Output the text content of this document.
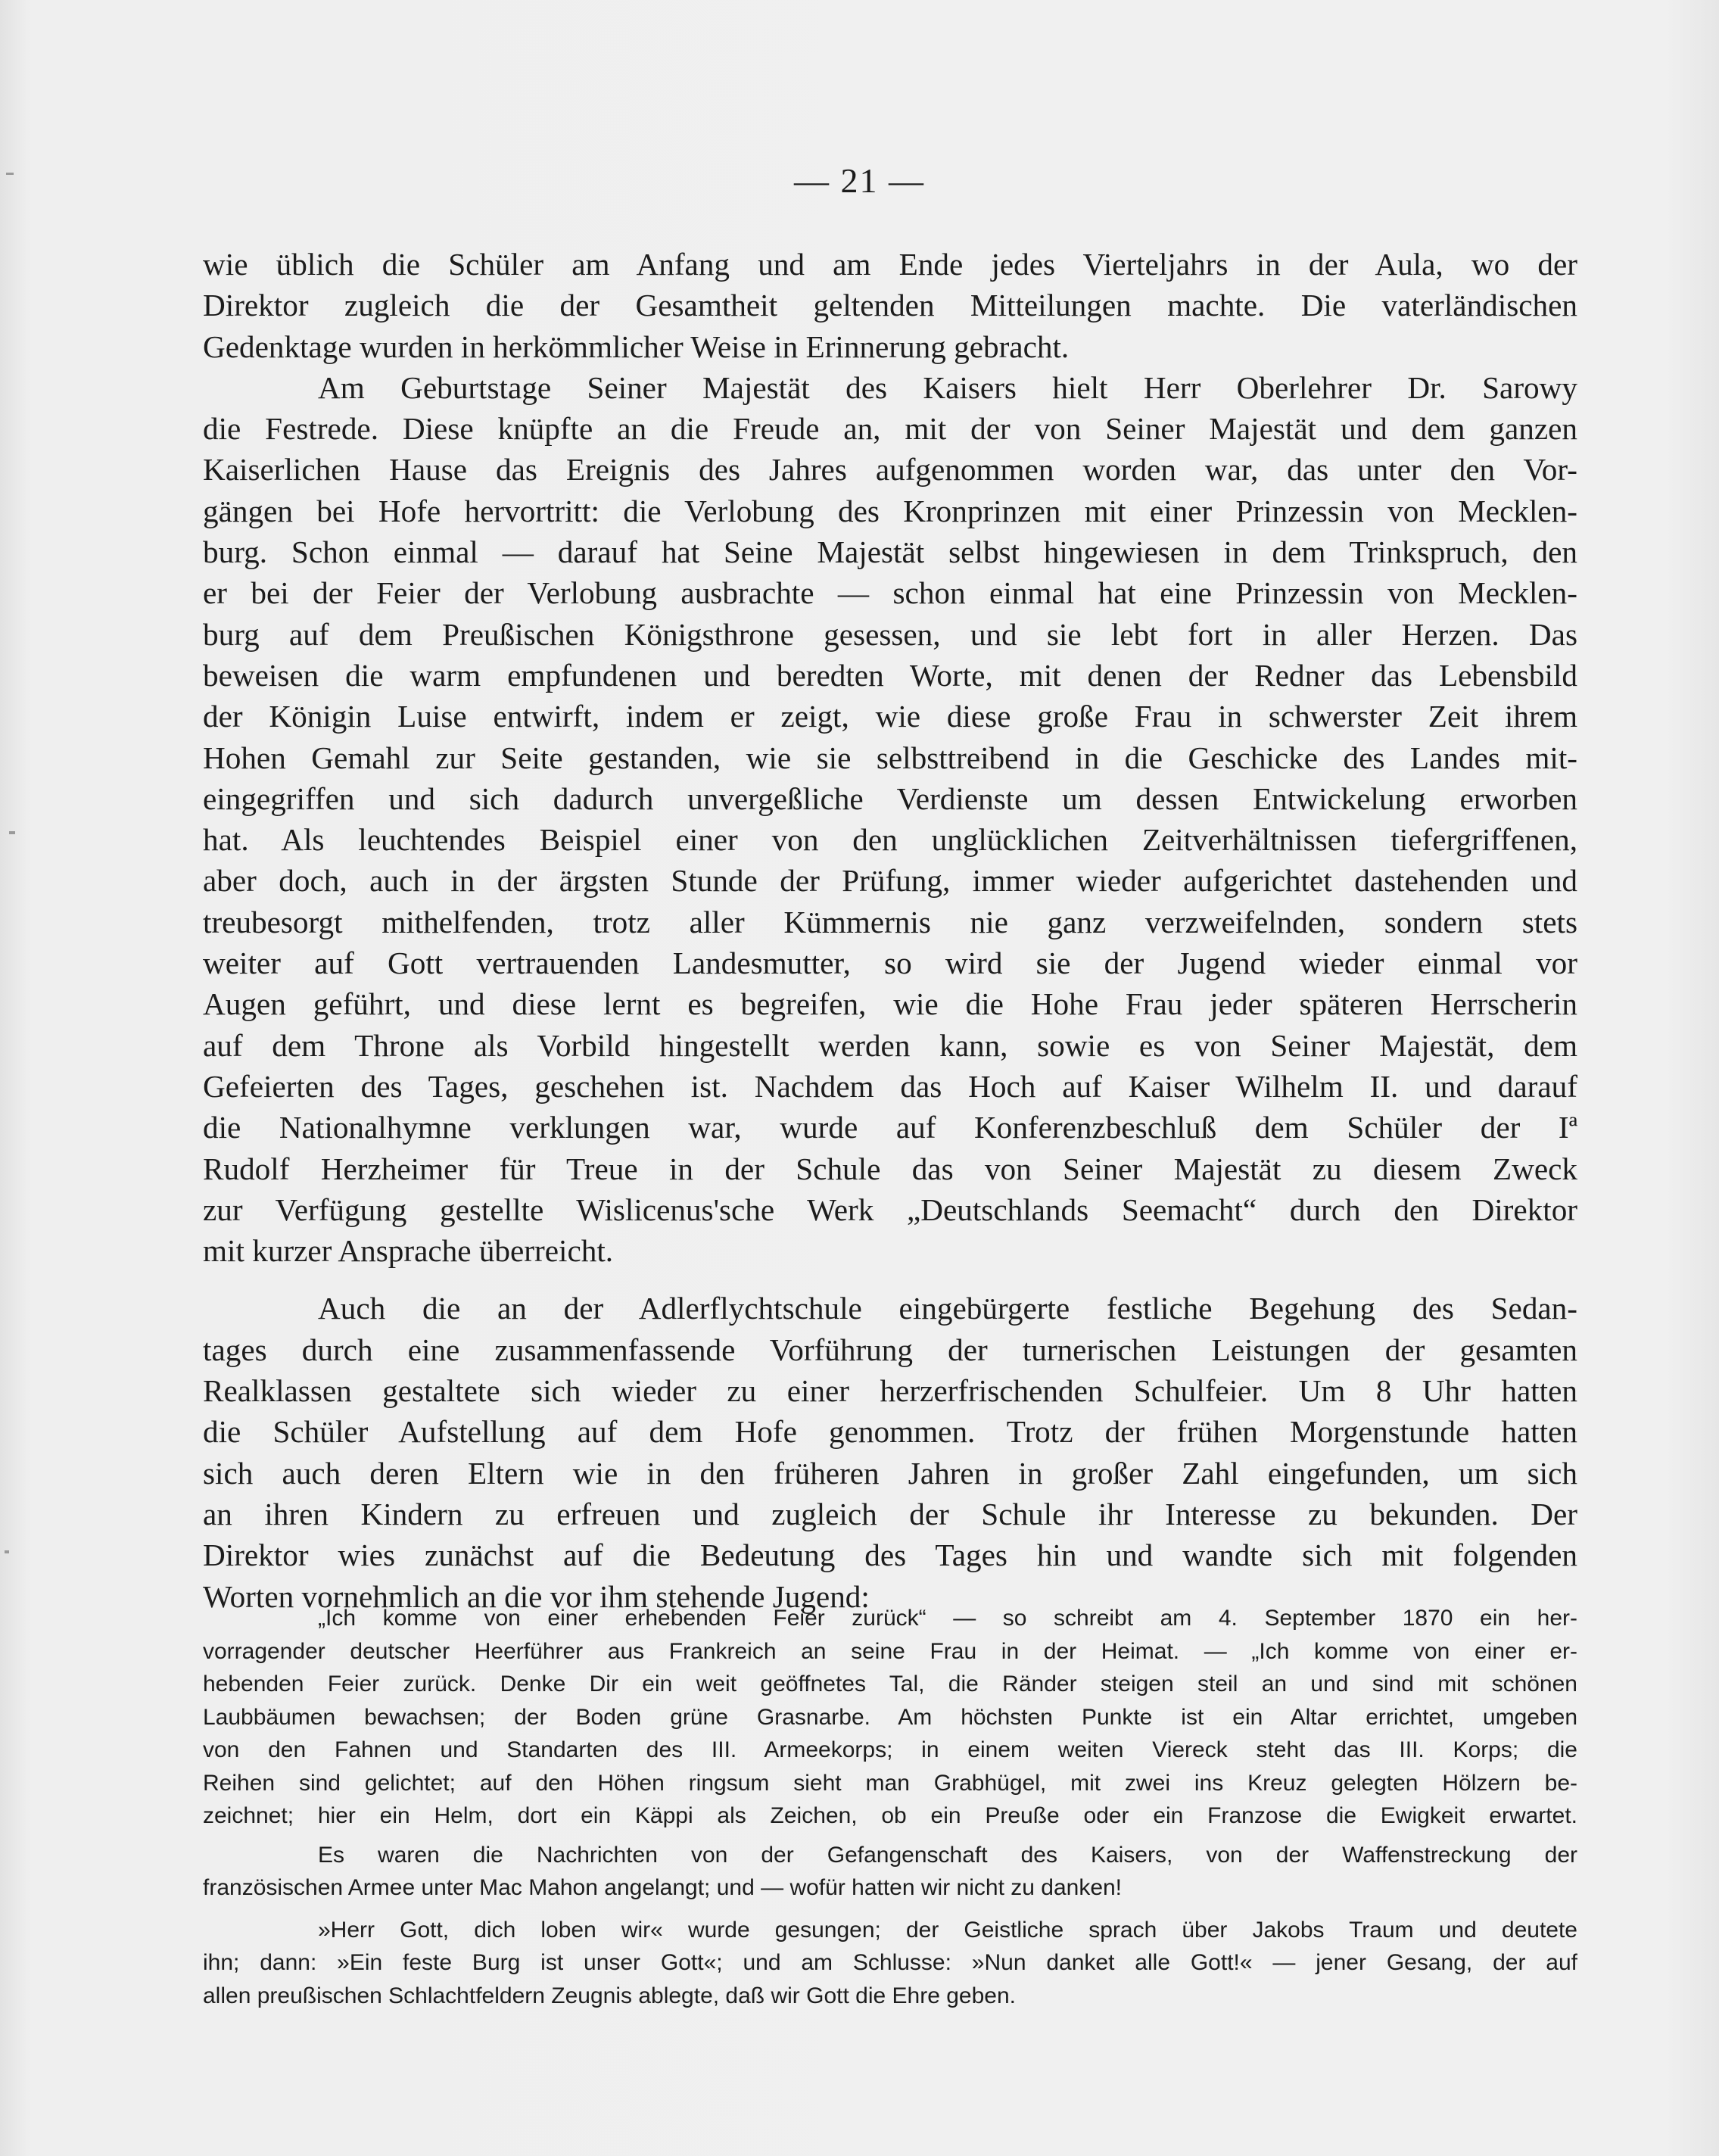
— 21 —

wie üblich die Schüler am Anfang und am Ende jedes Vierteljahrs in der Aula, wo der
Direktor zugleich die der Gesamtheit geltenden Mitteilungen machte. Die vaterländischen
Gedenktage wurden in herkömmlicher Weise in Erinnerung gebracht.

Am Geburtstage Seiner Majestät des Kaisers hielt Herr Oberlehrer Dr. Sarowy
die Festrede. Diese knüpfte an die Freude an, mit der von Seiner Majestät und dem ganzen
Kaiserlichen Hause das Ereignis des Jahres aufgenommen worden war, das unter den Vor-
gängen bei Hofe hervortritt: die Verlobung des Kronprinzen mit einer Prinzessin von Mecklen-
burg. Schon einmal — darauf hat Seine Majestät selbst hingewiesen in dem Trinkspruch, den
er bei der Feier der Verlobung ausbrachte — schon einmal hat eine Prinzessin von Mecklen-
burg auf dem Preußischen Königsthrone gesessen, und sie lebt fort in aller Herzen. Das
beweisen die warm empfundenen und beredten Worte, mit denen der Redner das Lebensbild
der Königin Luise entwirft, indem er zeigt, wie diese große Frau in schwerster Zeit ihrem
Hohen Gemahl zur Seite gestanden, wie sie selbsttreibend in die Geschicke des Landes mit-
eingegriffen und sich dadurch unvergeßliche Verdienste um dessen Entwickelung erworben
hat. Als leuchtendes Beispiel einer von den unglücklichen Zeitverhältnissen tiefergriffenen,
aber doch, auch in der ärgsten Stunde der Prüfung, immer wieder aufgerichtet dastehenden und
treubesorgt mithelfenden, trotz aller Kümmernis nie ganz verzweifelnden, sondern stets
weiter auf Gott vertrauenden Landesmutter, so wird sie der Jugend wieder einmal vor
Augen geführt, und diese lernt es begreifen, wie die Hohe Frau jeder späteren Herrscherin
auf dem Throne als Vorbild hingestellt werden kann, sowie es von Seiner Majestät, dem
Gefeierten des Tages, geschehen ist. Nachdem das Hoch auf Kaiser Wilhelm II. und darauf
die Nationalhymne verklungen war, wurde auf Konferenzbeschluß dem Schüler der Iª
Rudolf Herzheimer für Treue in der Schule das von Seiner Majestät zu diesem Zweck
zur Verfügung gestellte Wislicenus'sche Werk „Deutschlands Seemacht“ durch den Direktor
mit kurzer Ansprache überreicht.

Auch die an der Adlerflychtschule eingebürgerte festliche Begehung des Sedan-
tages durch eine zusammenfassende Vorführung der turnerischen Leistungen der gesamten
Realklassen gestaltete sich wieder zu einer herzerfrischenden Schulfeier. Um 8 Uhr hatten
die Schüler Aufstellung auf dem Hofe genommen. Trotz der frühen Morgenstunde hatten
sich auch deren Eltern wie in den früheren Jahren in großer Zahl eingefunden, um sich
an ihren Kindern zu erfreuen und zugleich der Schule ihr Interesse zu bekunden. Der
Direktor wies zunächst auf die Bedeutung des Tages hin und wandte sich mit folgenden
Worten vornehmlich an die vor ihm stehende Jugend:

„Ich komme von einer erhebenden Feier zurück“ — so schreibt am 4. September 1870 ein her-
vorragender deutscher Heerführer aus Frankreich an seine Frau in der Heimat. — „Ich komme von einer er-
hebenden Feier zurück. Denke Dir ein weit geöffnetes Tal, die Ränder steigen steil an und sind mit schönen
Laubbäumen bewachsen; der Boden grüne Grasnarbe. Am höchsten Punkte ist ein Altar errichtet, umgeben
von den Fahnen und Standarten des III. Armeekorps; in einem weiten Viereck steht das III. Korps; die
Reihen sind gelichtet; auf den Höhen ringsum sieht man Grabhügel, mit zwei ins Kreuz gelegten Hölzern be-
zeichnet; hier ein Helm, dort ein Käppi als Zeichen, ob ein Preuße oder ein Franzose die Ewigkeit erwartet.

Es waren die Nachrichten von der Gefangenschaft des Kaisers, von der Waffenstreckung der
französischen Armee unter Mac Mahon angelangt; und — wofür hatten wir nicht zu danken!

»Herr Gott, dich loben wir« wurde gesungen; der Geistliche sprach über Jakobs Traum und deutete
ihn; dann: »Ein feste Burg ist unser Gott«; und am Schlusse: »Nun danket alle Gott!« — jener Gesang, der auf
allen preußischen Schlachtfeldern Zeugnis ablegte, daß wir Gott die Ehre geben.
